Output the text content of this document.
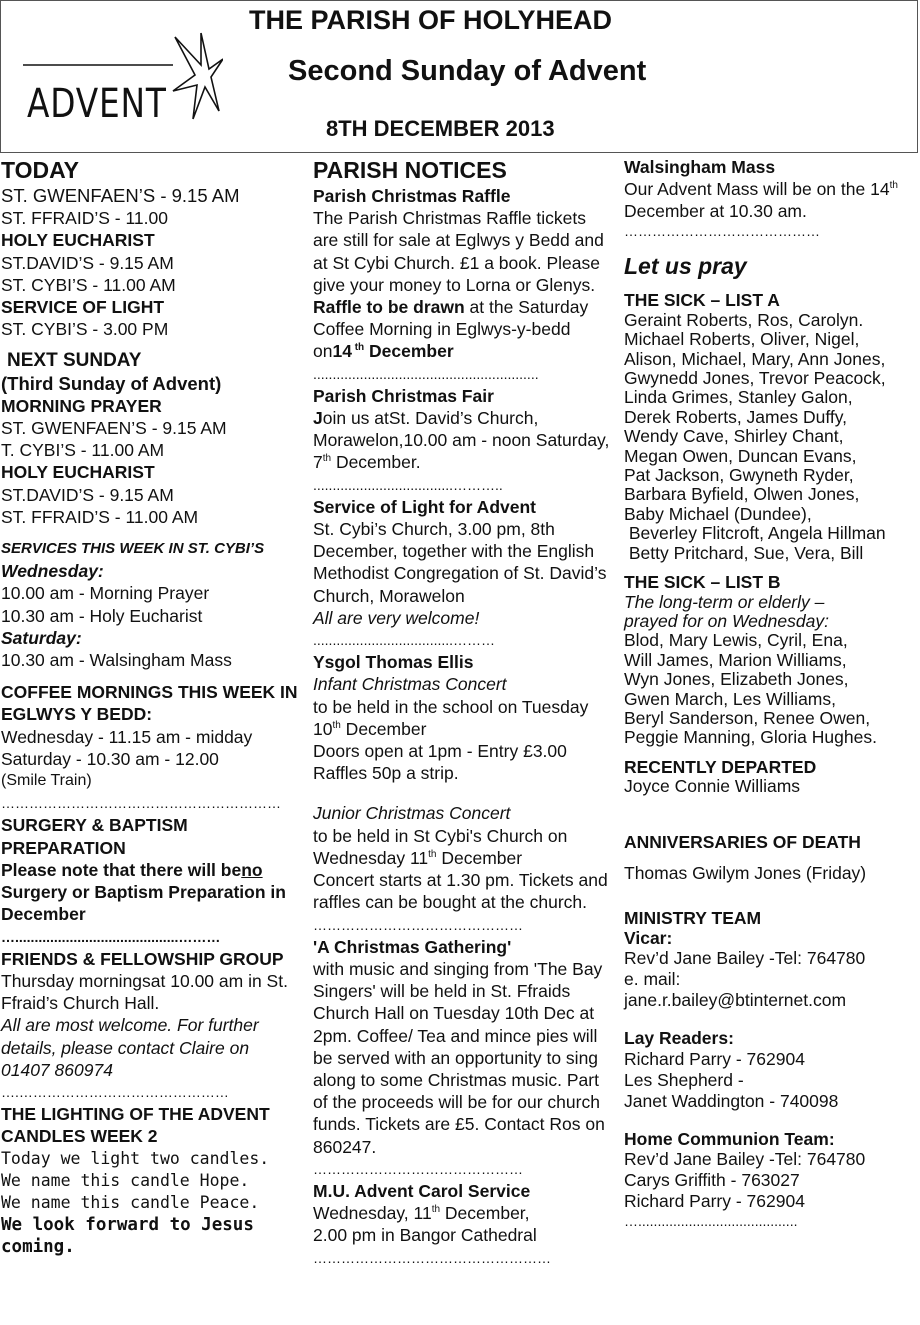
ADVENT
THE PARISH OF HOLYHEAD
Second Sunday of Advent
8TH DECEMBER 2013
TODAY
ST. GWENFAEN’S - 9.15 AM
ST. FFRAID’S - 11.00
HOLY EUCHARIST
ST.DAVID’S - 9.15 AM
ST. CYBI’S - 11.00 AM
SERVICE OF LIGHT
ST. CYBI’S - 3.00 PM
NEXT SUNDAY
(Third Sunday of Advent)
MORNING PRAYER
ST. GWENFAEN’S - 9.15 AM
T. CYBI’S - 11.00 AM
HOLY EUCHARIST
ST.DAVID’S - 9.15 AM
ST. FFRAID’S - 11.00 AM
SERVICES THIS WEEK IN ST. CYBI’S
Wednesday:
10.00 am - Morning Prayer
10.30 am - Holy Eucharist
Saturday:
10.30 am - Walsingham Mass
COFFEE MORNINGS THIS WEEK IN EGLWYS Y BEDD:
Wednesday - 11.15 am - midday
Saturday - 10.30 am - 12.00
(Smile Train)
……………………………………………………
SURGERY & BAPTISM PREPARATION
Please note that there will beno Surgery or Baptism Preparation in December
…..........................................………
FRIENDS & FELLOWSHIP GROUP
Thursday morningsat 10.00 am in St. Ffraid’s Church Hall.
All are most welcome. For further details, please contact Claire on 01407 860974
….………………………………………
THE LIGHTING OF THE ADVENT CANDLES WEEK 2
Today we light two candles.
We name this candle Hope.
We name this candle Peace.
We look forward to Jesus coming.
PARISH NOTICES
Parish Christmas Raffle
The Parish Christmas Raffle tickets are still for sale at Eglwys y Bedd and at St Cybi Church. £1 a book. Please give your money to Lorna or Glenys.
Raffle to be drawn at the Saturday Coffee Morning in Eglwys-y-bedd on14 $^{th}$ December
..........................................................
Parish Christmas Fair
Join us atSt. David’s Church, Morawelon,10.00 am - noon Saturday, 7th December.
....................................………..
Service of Light for Advent
St. Cybi’s Church, 3.00 pm, 8th December, together with the English Methodist Congregation of St. David’s Church, Morawelon
All are very welcome!
....................................………
Ysgol Thomas Ellis
Infant Christmas Concert
to be held in the school on Tuesday 10th December
Doors open at 1pm - Entry £3.00 Raffles 50p a strip.
Junior Christmas Concert
to be held in St Cybi's Church on Wednesday 11th December
Concert starts at 1.30 pm. Tickets and raffles can be bought at the church.
………………………………………
'A Christmas Gathering'
with music and singing from 'The Bay Singers' will be held in St. Ffraids Church Hall on Tuesday 10th Dec at 2pm. Coffee/ Tea and mince pies will be served with an opportunity to sing along to some Christmas music. Part of the proceeds will be for our church funds. Tickets are £5. Contact Ros on 860247.
………………………………………
M.U. Advent Carol Service
Wednesday, 11th December,
2.00 pm in Bangor Cathedral
……………………………………………
Walsingham Mass
Our Advent Mass will be on the 14th December at 10.30 am.
……………………………………
Let us pray
THE SICK – LIST A
Geraint Roberts, Ros, Carolyn.
Michael Roberts, Oliver, Nigel,
Alison, Michael, Mary, Ann Jones,
Gwynedd Jones, Trevor Peacock,
Linda Grimes, Stanley Galon,
Derek Roberts, James Duffy,
Wendy Cave, Shirley Chant,
Megan Owen, Duncan Evans,
Pat Jackson, Gwyneth Ryder,
Barbara Byfield, Olwen Jones,
Baby Michael (Dundee),
Beverley Flitcroft, Angela Hillman
Betty Pritchard, Sue, Vera, Bill
THE SICK – LIST B
The long-term or elderly –
prayed for on Wednesday:
Blod, Mary Lewis, Cyril, Ena,
Will James, Marion Williams,
Wyn Jones, Elizabeth Jones,
Gwen March, Les Williams,
Beryl Sanderson, Renee Owen,
Peggie Manning, Gloria Hughes.
RECENTLY DEPARTED
Joyce Connie Williams
ANNIVERSARIES OF DEATH
Thomas Gwilym Jones (Friday)
MINISTRY TEAM
Vicar:
Rev’d Jane Bailey -Tel: 764780
e. mail:
jane.r.bailey@btinternet.com
Lay Readers:
Richard Parry - 762904
Les Shepherd -
Janet Waddington - 740098
Home Communion Team:
Rev’d Jane Bailey -Tel: 764780
Carys Griffith - 763027
Richard Parry - 762904
….........................................
